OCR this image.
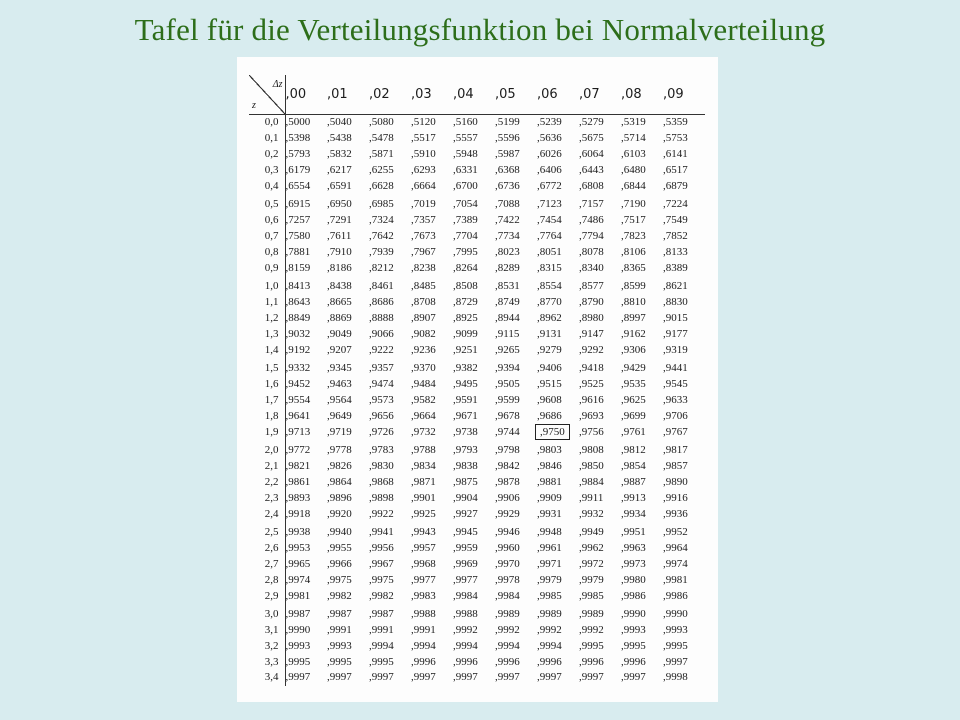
Tafel für die Verteilungsfunktion bei Normalverteilung
Δz
z	,00	,01	,02	,03	,04	,05	,06	,07	,08	,09
0,0	,5000	,5040	,5080	,5120	,5160	,5199	,5239	,5279	,5319	,5359
0,1	,5398	,5438	,5478	,5517	,5557	,5596	,5636	,5675	,5714	,5753
0,2	,5793	,5832	,5871	,5910	,5948	,5987	,6026	,6064	,6103	,6141
0,3	,6179	,6217	,6255	,6293	,6331	,6368	,6406	,6443	,6480	,6517
0,4	,6554	,6591	,6628	,6664	,6700	,6736	,6772	,6808	,6844	,6879
0,5	,6915	,6950	,6985	,7019	,7054	,7088	,7123	,7157	,7190	,7224
0,6	,7257	,7291	,7324	,7357	,7389	,7422	,7454	,7486	,7517	,7549
0,7	,7580	,7611	,7642	,7673	,7704	,7734	,7764	,7794	,7823	,7852
0,8	,7881	,7910	,7939	,7967	,7995	,8023	,8051	,8078	,8106	,8133
0,9	,8159	,8186	,8212	,8238	,8264	,8289	,8315	,8340	,8365	,8389
1,0	,8413	,8438	,8461	,8485	,8508	,8531	,8554	,8577	,8599	,8621
1,1	,8643	,8665	,8686	,8708	,8729	,8749	,8770	,8790	,8810	,8830
1,2	,8849	,8869	,8888	,8907	,8925	,8944	,8962	,8980	,8997	,9015
1,3	,9032	,9049	,9066	,9082	,9099	,9115	,9131	,9147	,9162	,9177
1,4	,9192	,9207	,9222	,9236	,9251	,9265	,9279	,9292	,9306	,9319
1,5	,9332	,9345	,9357	,9370	,9382	,9394	,9406	,9418	,9429	,9441
1,6	,9452	,9463	,9474	,9484	,9495	,9505	,9515	,9525	,9535	,9545
1,7	,9554	,9564	,9573	,9582	,9591	,9599	,9608	,9616	,9625	,9633
1,8	,9641	,9649	,9656	,9664	,9671	,9678	,9686	,9693	,9699	,9706
1,9	,9713	,9719	,9726	,9732	,9738	,9744	,9750	,9756	,9761	,9767
2,0	,9772	,9778	,9783	,9788	,9793	,9798	,9803	,9808	,9812	,9817
2,1	,9821	,9826	,9830	,9834	,9838	,9842	,9846	,9850	,9854	,9857
2,2	,9861	,9864	,9868	,9871	,9875	,9878	,9881	,9884	,9887	,9890
2,3	,9893	,9896	,9898	,9901	,9904	,9906	,9909	,9911	,9913	,9916
2,4	,9918	,9920	,9922	,9925	,9927	,9929	,9931	,9932	,9934	,9936
2,5	,9938	,9940	,9941	,9943	,9945	,9946	,9948	,9949	,9951	,9952
2,6	,9953	,9955	,9956	,9957	,9959	,9960	,9961	,9962	,9963	,9964
2,7	,9965	,9966	,9967	,9968	,9969	,9970	,9971	,9972	,9973	,9974
2,8	,9974	,9975	,9975	,9977	,9977	,9978	,9979	,9979	,9980	,9981
2,9	,9981	,9982	,9982	,9983	,9984	,9984	,9985	,9985	,9986	,9986
3,0	,9987	,9987	,9987	,9988	,9988	,9989	,9989	,9989	,9990	,9990
3,1	,9990	,9991	,9991	,9991	,9992	,9992	,9992	,9992	,9993	,9993
3,2	,9993	,9993	,9994	,9994	,9994	,9994	,9994	,9995	,9995	,9995
3,3	,9995	,9995	,9995	,9996	,9996	,9996	,9996	,9996	,9996	,9997
3,4	,9997	,9997	,9997	,9997	,9997	,9997	,9997	,9997	,9997	,9998
